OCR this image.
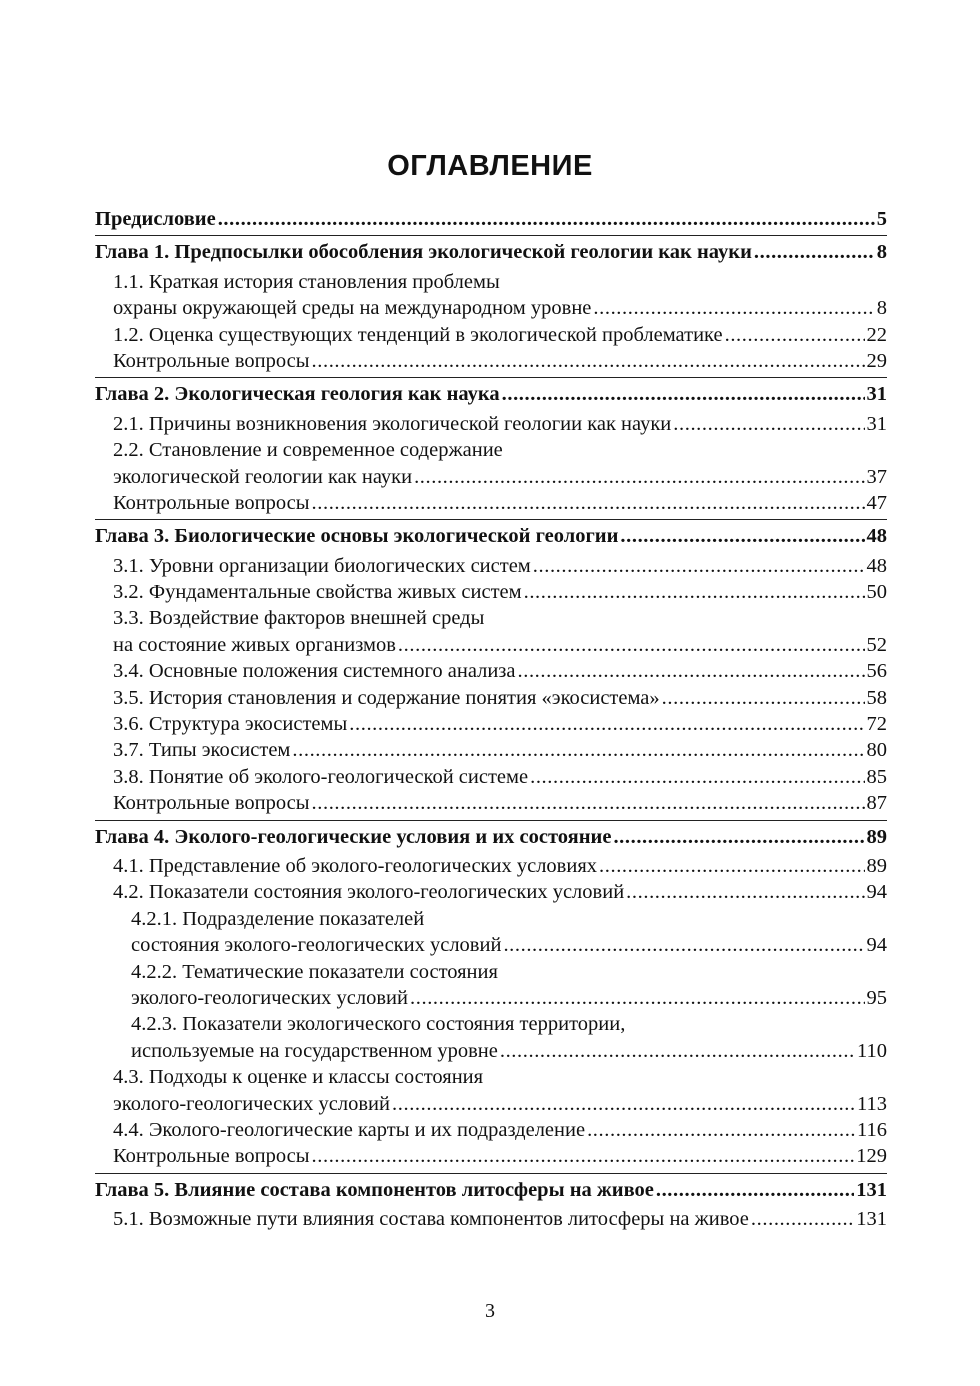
ОГЛАВЛЕНИЕ
Предисловие .....	5
Глава 1. Предпосылки обособления экологической геологии как науки .....	8
1.1. Краткая история становления проблемы
охраны окружающей среды на международном уровне .....	8
1.2. Оценка существующих тенденций в экологической проблематике .....	22
Контрольные вопросы .....	29
Глава 2. Экологическая геология как наука .....	31
2.1. Причины возникновения экологической геологии как науки .....	31
2.2. Становление и современное содержание
экологической геологии как науки .....	37
Контрольные вопросы .....	47
Глава 3. Биологические основы экологической геологии .....	48
3.1. Уровни организации биологических систем .....	48
3.2. Фундаментальные свойства живых систем .....	50
3.3. Воздействие факторов внешней среды
на состояние живых организмов .....	52
3.4. Основные положения системного анализа .....	56
3.5. История становления и содержание понятия «экосистема» .....	58
3.6. Структура экосистемы .....	72
3.7. Типы экосистем .....	80
3.8. Понятие об эколого-геологической системе .....	85
Контрольные вопросы .....	87
Глава 4. Эколого-геологические условия и их состояние .....	89
4.1. Представление об эколого-геологических условиях .....	89
4.2. Показатели состояния эколого-геологических условий .....	94
4.2.1. Подразделение показателей
состояния эколого-геологических условий .....	94
4.2.2. Тематические показатели состояния
эколого-геологических условий .....	95
4.2.3. Показатели экологического состояния территории,
используемые на государственном уровне .....	110
4.3. Подходы к оценке и классы состояния
эколого-геологических условий .....	113
4.4. Эколого-геологические карты и их подразделение .....	116
Контрольные вопросы .....	129
Глава 5. Влияние состава компонентов литосферы на живое .....	131
5.1. Возможные пути влияния состава компонентов литосферы на живое .....	131
3
